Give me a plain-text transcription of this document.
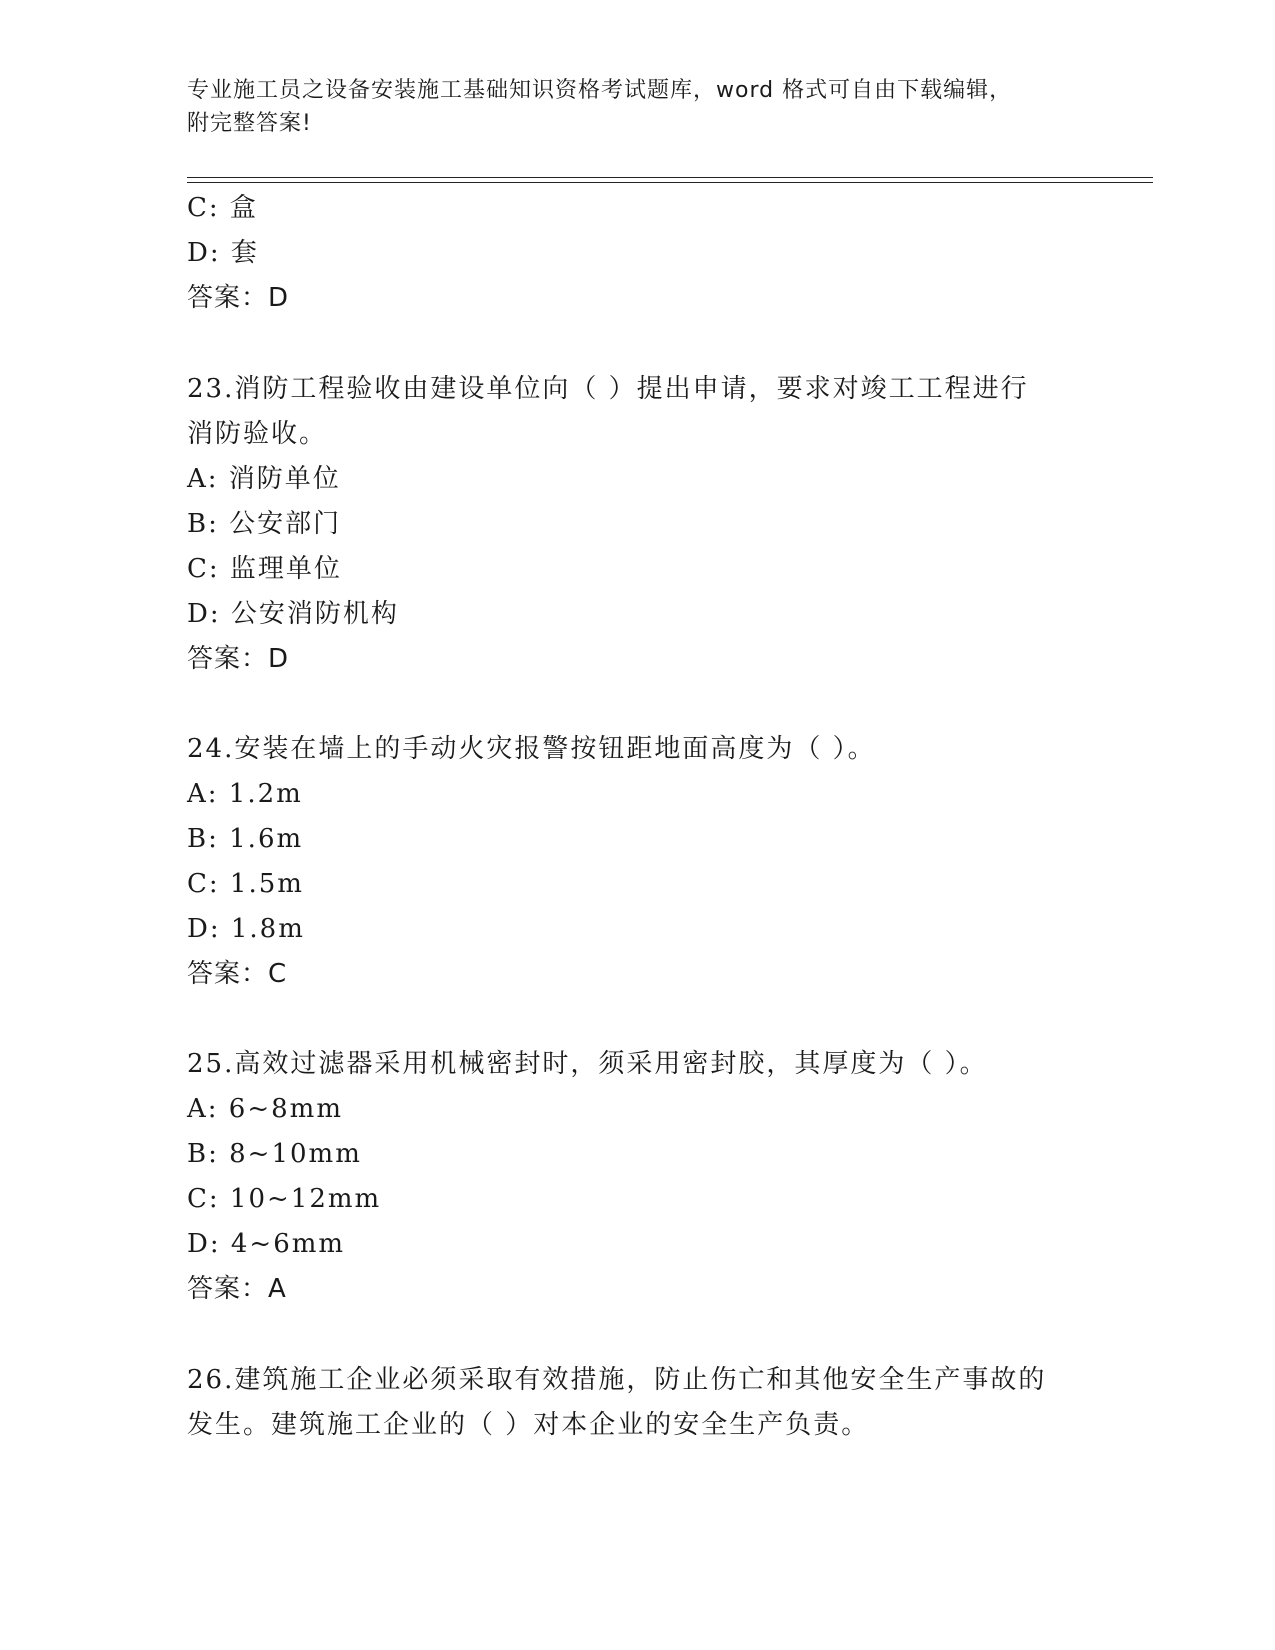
专业施工员之设备安装施工基础知识资格考试题库，word 格式可自由下载编辑，
附完整答案!
C: 盒
D: 套
答案：D
23.消防工程验收由建设单位向（ ）提出申请，要求对竣工工程进行
消防验收。
A: 消防单位
B: 公安部门
C: 监理单位
D: 公安消防机构
答案：D
24.安装在墙上的手动火灾报警按钮距地面高度为（ ）。
A: 1.2m
B: 1.6m
C: 1.5m
D: 1.8m
答案：C
25.高效过滤器采用机械密封时，须采用密封胶，其厚度为（ ）。
A: 6~8mm
B: 8~10mm
C: 10~12mm
D: 4~6mm
答案：A
26.建筑施工企业必须采取有效措施，防止伤亡和其他安全生产事故的
发生。建筑施工企业的（ ）对本企业的安全生产负责。
